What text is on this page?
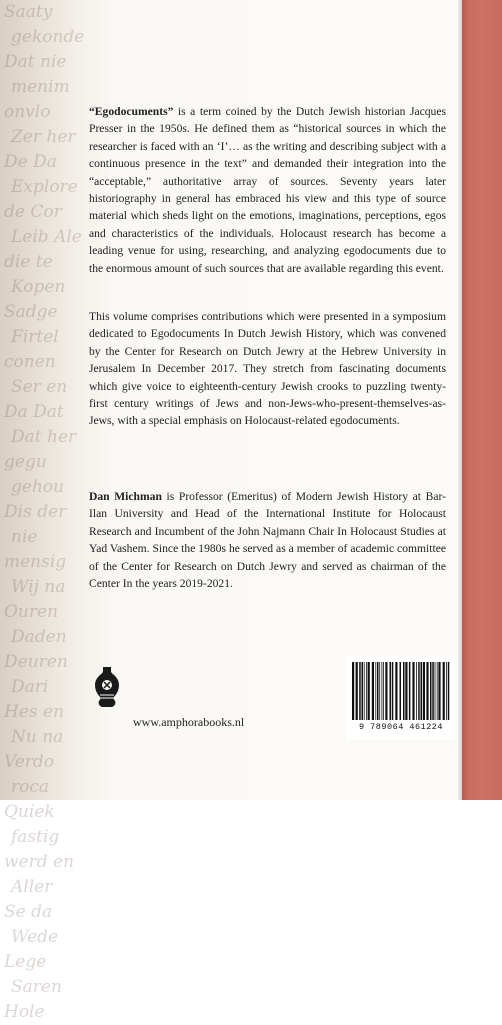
Saaty
gekonde
Dat nie
menim
onvlo
Zer her
De Da
Explore
de Cor
Leib Ale
die te
Kopen
Sadge
Firtel
conen
Ser en
Da Dat
Dat her
gegu
gehou
Dis der
nie
mensig
Wij na
Ouren
Daden
Deuren
Dari
Hes en
Nu na
Verdo
roca
Quiek
fastig
werd en
Aller
Se da
Wede
Lege
Saren
Hole
“Egodocuments” is a term coined by the Dutch Jewish historian Jacques Presser in the 1950s. He defined them as “historical sources in which the researcher is faced with an ‘I’… as the writing and describing subject with a continuous presence in the text” and demanded their integration into the “acceptable,” authoritative array of sources. Seventy years later historiography in general has embraced his view and this type of source material which sheds light on the emotions, imaginations, perceptions, egos and characteristics of the individuals. Holocaust research has become a leading venue for using, researching, and analyzing egodocuments due to the enormous amount of such sources that are available regarding this event.
This volume comprises contributions which were presented in a symposium dedicated to Egodocuments In Dutch Jewish History, which was convened by the Center for Research on Dutch Jewry at the Hebrew University in Jerusalem In December 2017. They stretch from fascinating documents which give voice to eighteenth-century Jewish crooks to puzzling twenty-first century writings of Jews and non-Jews-who-present-themselves-as-Jews, with a special emphasis on Holocaust-related egodocuments.
Dan Michman is Professor (Emeritus) of Modern Jewish History at Bar-Ilan University and Head of the International Institute for Holocaust Research and Incumbent of the John Najmann Chair In Holocaust Studies at Yad Vashem. Since the 1980s he served as a member of academic committee of the Center for Research on Dutch Jewry and served as chairman of the Center In the years 2019-2021.
www.amphorabooks.nl	9 789064 461224
